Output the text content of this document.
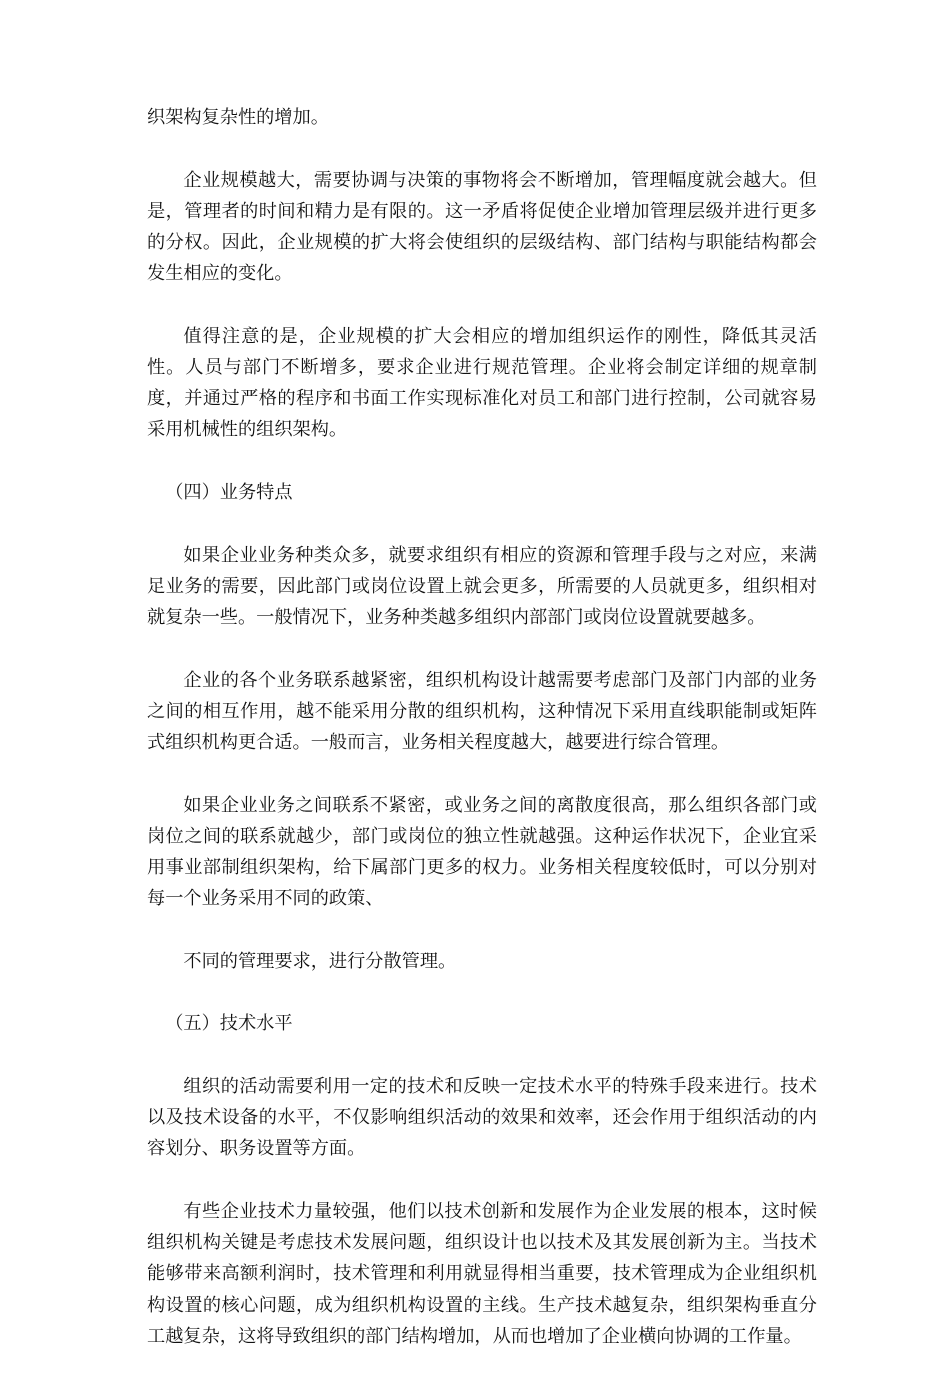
织架构复杂性的增加。

企业规模越大，需要协调与决策的事物将会不断增加，管理幅度就会越大。但是，管理者的时间和精力是有限的。这一矛盾将促使企业增加管理层级并进行更多的分权。因此，企业规模的扩大将会使组织的层级结构、部门结构与职能结构都会发生相应的变化。

值得注意的是，企业规模的扩大会相应的增加组织运作的刚性，降低其灵活性。人员与部门不断增多，要求企业进行规范管理。企业将会制定详细的规章制度，并通过严格的程序和书面工作实现标准化对员工和部门进行控制，公司就容易采用机械性的组织架构。

（四）业务特点

如果企业业务种类众多，就要求组织有相应的资源和管理手段与之对应，来满足业务的需要，因此部门或岗位设置上就会更多，所需要的人员就更多，组织相对就复杂一些。一般情况下，业务种类越多组织内部部门或岗位设置就要越多。

企业的各个业务联系越紧密，组织机构设计越需要考虑部门及部门内部的业务之间的相互作用，越不能采用分散的组织机构，这种情况下采用直线职能制或矩阵式组织机构更合适。一般而言，业务相关程度越大，越要进行综合管理。

如果企业业务之间联系不紧密，或业务之间的离散度很高，那么组织各部门或岗位之间的联系就越少，部门或岗位的独立性就越强。这种运作状况下，企业宜采用事业部制组织架构，给下属部门更多的权力。业务相关程度较低时，可以分别对每一个业务采用不同的政策、

不同的管理要求，进行分散管理。

（五）技术水平

组织的活动需要利用一定的技术和反映一定技术水平的特殊手段来进行。技术以及技术设备的水平，不仅影响组织活动的效果和效率，还会作用于组织活动的内容划分、职务设置等方面。

有些企业技术力量较强，他们以技术创新和发展作为企业发展的根本，这时候组织机构关键是考虑技术发展问题，组织设计也以技术及其发展创新为主。当技术能够带来高额利润时，技术管理和利用就显得相当重要，技术管理成为企业组织机构设置的核心问题，成为组织机构设置的主线。生产技术越复杂，组织架构垂直分工越复杂，这将导致组织的部门结构增加，从而也增加了企业横向协调的工作量。
